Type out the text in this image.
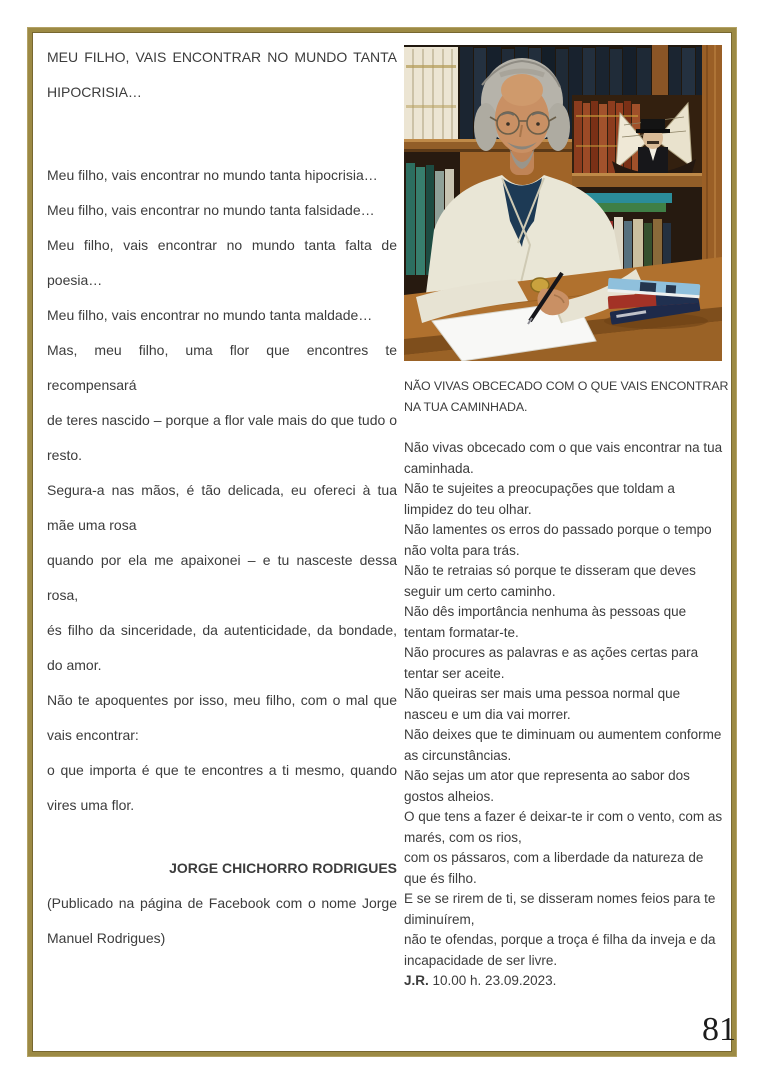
MEU FILHO, VAIS ENCONTRAR NO MUNDO TANTA HIPOCRISIA…

Meu filho, vais encontrar no mundo tanta hipocrisia…

Meu filho, vais encontrar no mundo tanta falsidade…

Meu filho, vais encontrar no mundo tanta falta de poesia…

Meu filho, vais encontrar no mundo tanta maldade…

Mas, meu filho, uma flor que encontres te recompensará

de teres nascido – porque a flor vale mais do que tudo o resto.

Segura-a nas mãos, é tão delicada, eu ofereci à tua mãe uma rosa

quando por ela me apaixonei – e tu nasceste dessa rosa,

és filho da sinceridade, da autenticidade, da bondade, do amor.

Não te apoquentes por isso, meu filho, com o mal que vais encontrar:

o que importa é que te encontres a ti mesmo, quando vires uma flor.

JORGE CHICHORRO RODRIGUES

(Publicado na página de Facebook com o nome Jorge Manuel Rodrigues)

NÃO VIVAS OBCECADO COM O QUE VAIS ENCONTRAR

NA TUA CAMINHADA.

Não vivas obcecado com o que vais encontrar na tua caminhada.

Não te sujeites a preocupações que toldam a limpidez do teu olhar.

Não lamentes os erros do passado porque o tempo não volta para trás.

Não te retraias só porque te disseram que deves seguir um certo caminho.

Não dês importância nenhuma às pessoas que tentam formatar-te.

Não procures as palavras e as ações certas para tentar ser aceite.

Não queiras ser mais uma pessoa normal que nasceu e um dia vai morrer.

Não deixes que te diminuam ou aumentem conforme as circunstâncias.

Não sejas um ator que representa ao sabor dos gostos alheios.

O que tens a fazer é deixar-te ir com o vento, com as marés, com os rios,

com os pássaros, com a liberdade da natureza de que és filho.

E se se rirem de ti, se disseram nomes feios para te diminuírem,

não te ofendas, porque a troça é filha da inveja e da incapacidade de ser livre.

J.R. 10.00 h. 23.09.2023.

81
